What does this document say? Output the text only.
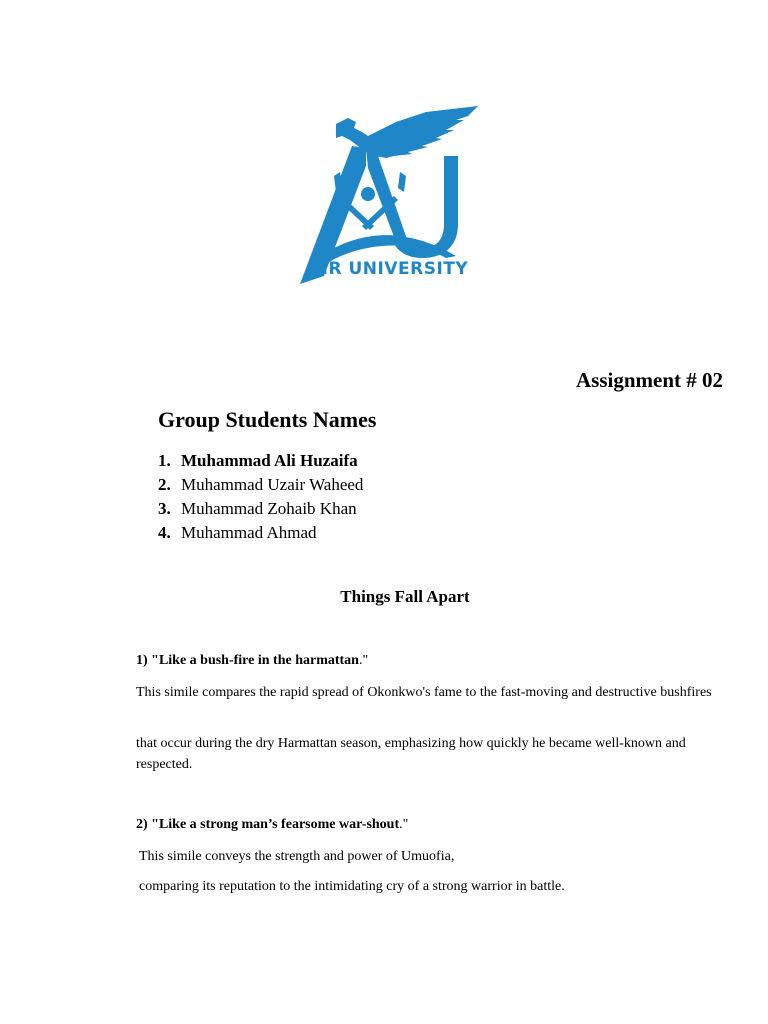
AIR UNIVERSITY
Assignment # 02
Group Students Names
1. Muhammad Ali Huzaifa
2. Muhammad Uzair Waheed
3. Muhammad Zohaib Khan
4. Muhammad Ahmad
Things Fall Apart

1) "Like a bush-fire in the harmattan."

This simile compares the rapid spread of Okonkwo's fame to the fast-moving and destructive bushfires

that occur during the dry Harmattan season, emphasizing how quickly he became well-known and respected.

2) "Like a strong man’s fearsome war-shout."

This simile conveys the strength and power of Umuofia,

comparing its reputation to the intimidating cry of a strong warrior in battle.
